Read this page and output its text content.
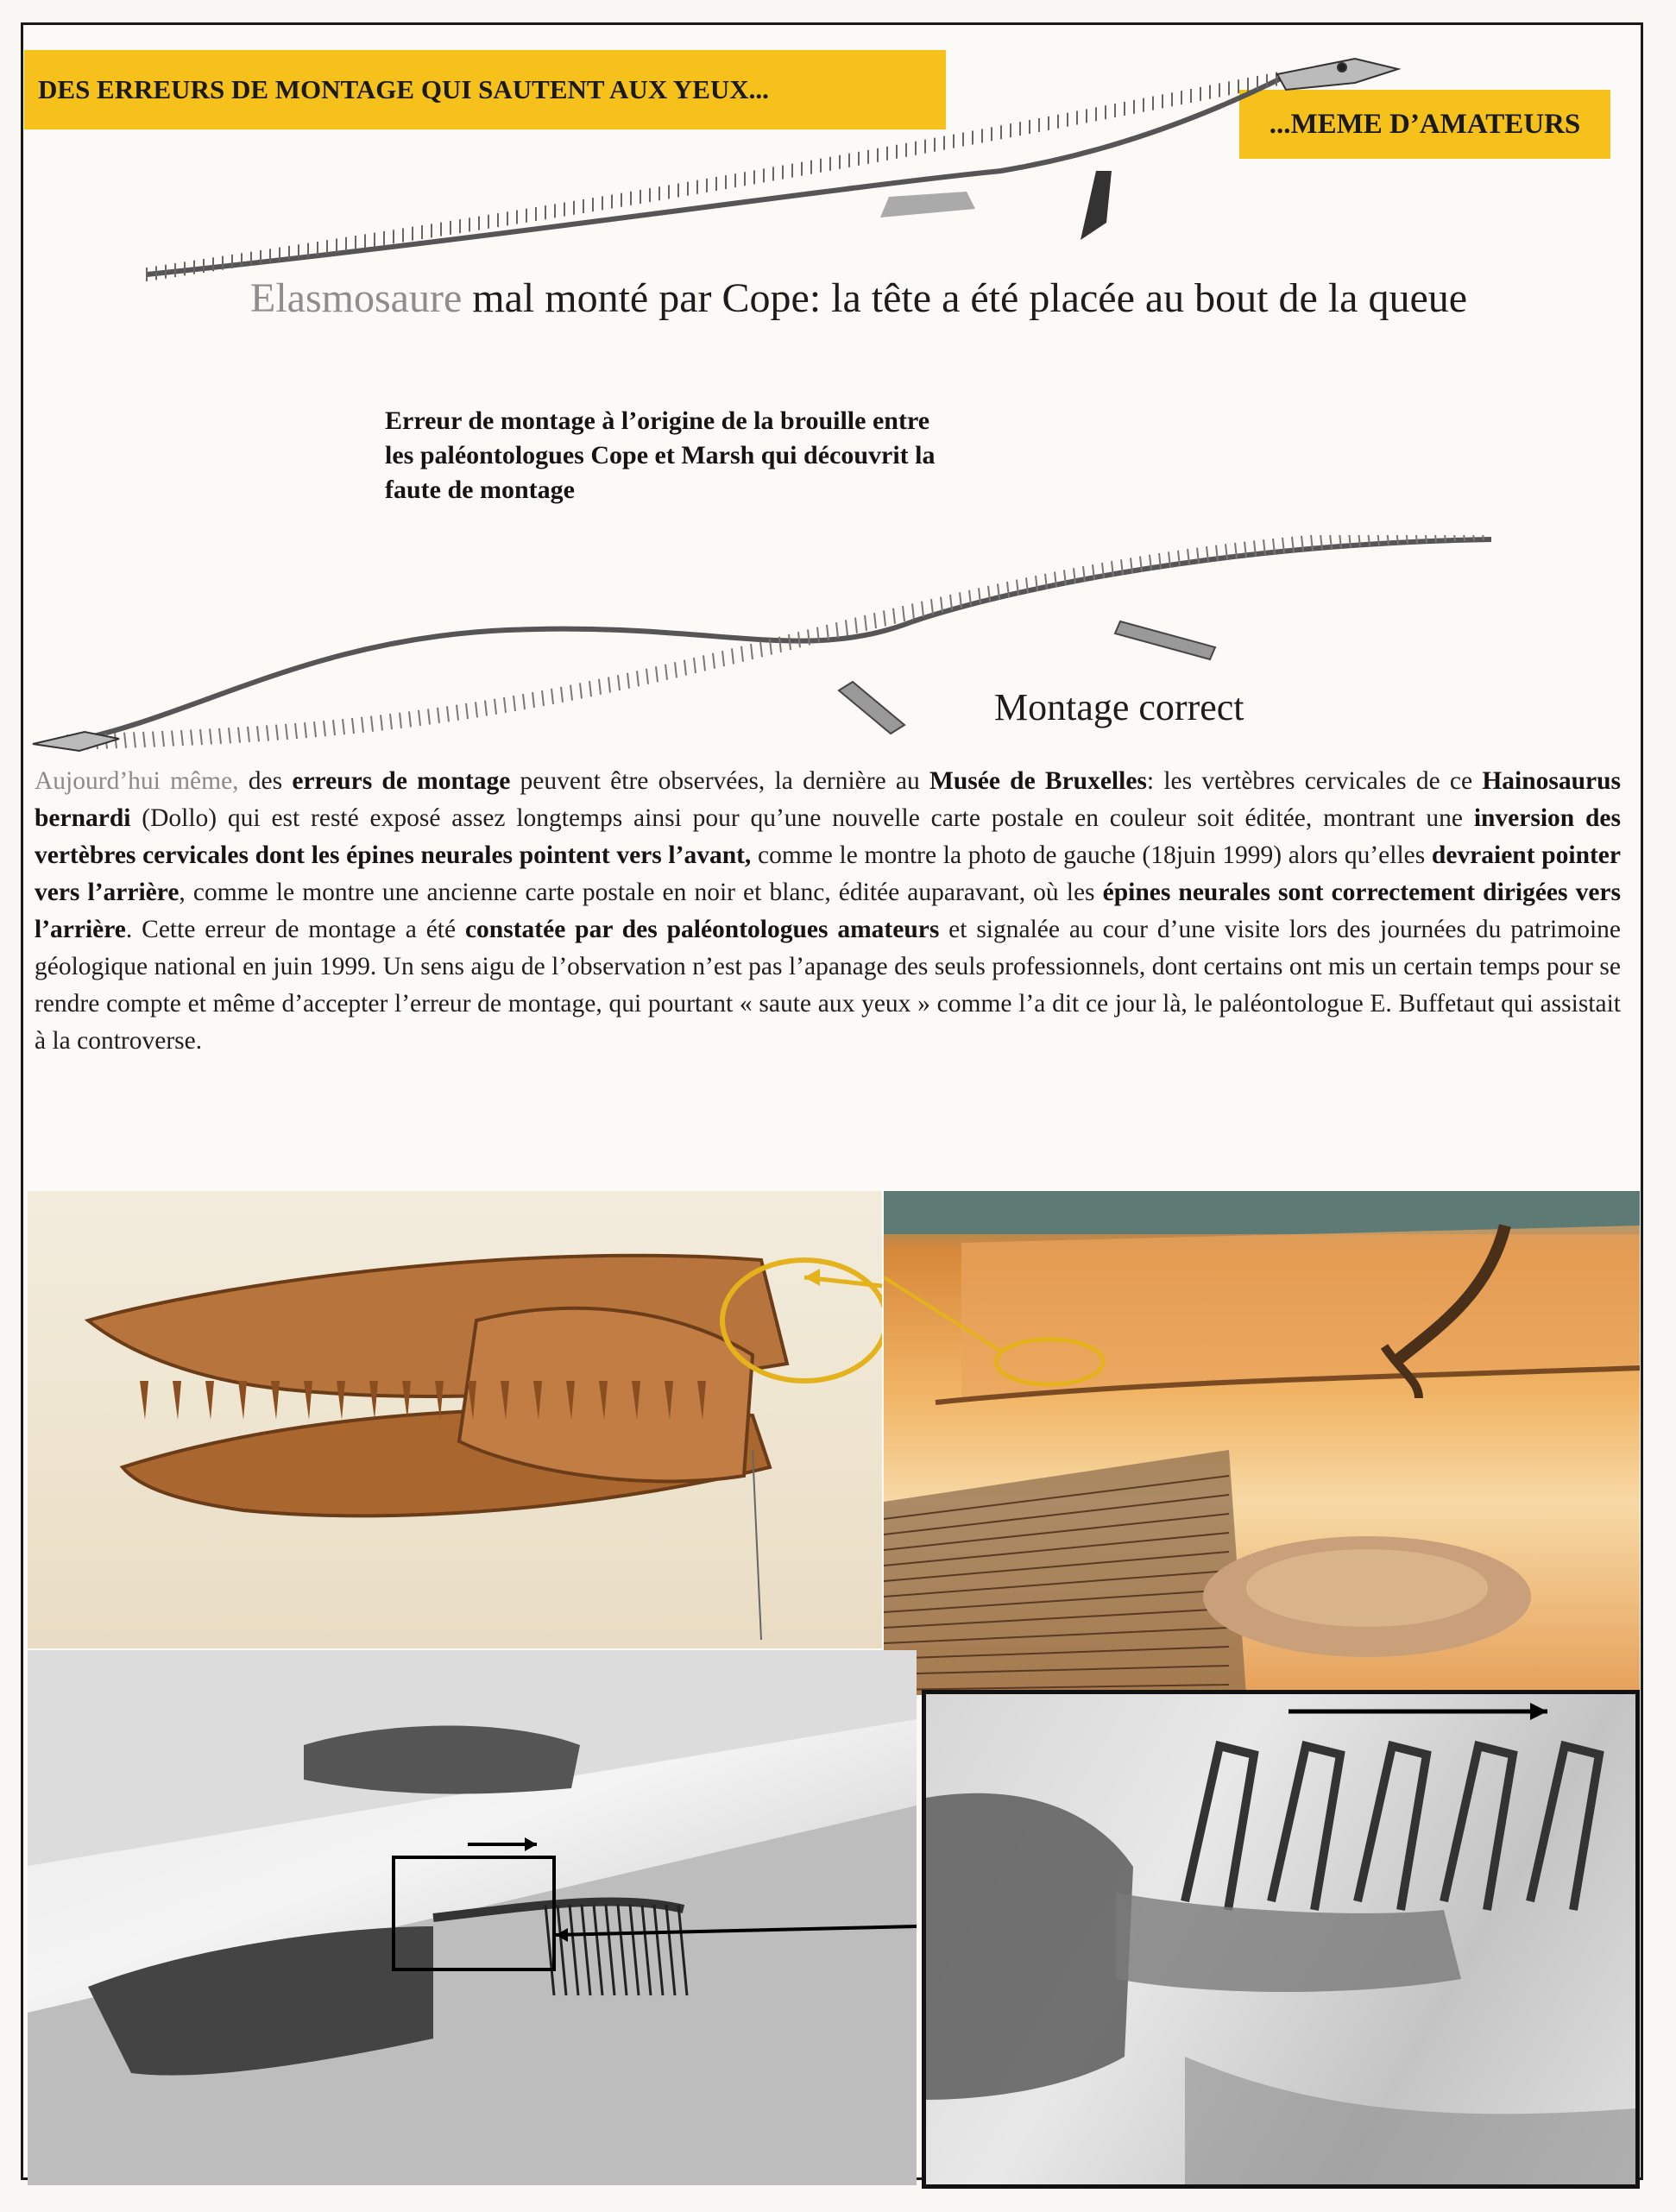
DES ERREURS DE MONTAGE QUI SAUTENT AUX YEUX...
...MEME D’AMATEURS
Elasmosaure mal monté par Cope: la tête a été placée au bout de la queue
Erreur de montage à l’origine de la brouille entre
les paléontologues Cope et Marsh qui découvrit la
faute de montage
Montage correct
Aujourd’hui même, des erreurs de montage peuvent être observées, la dernière au Musée de Bruxelles: les vertèbres cervicales de ce Hainosaurus bernardi (Dollo) qui est resté exposé assez longtemps ainsi pour qu’une nouvelle carte postale en couleur soit éditée, montrant une inversion des vertèbres cervicales dont les épines neurales pointent vers l’avant, comme le montre la photo de gauche (18juin 1999) alors qu’elles devraient pointer vers l’arrière, comme le montre une ancienne carte postale en noir et blanc, éditée auparavant, où les épines neurales sont correctement dirigées vers l’arrière. Cette erreur de montage a été constatée par des paléontologues amateurs et signalée au cour d’une visite lors des journées du patrimoine géologique national en juin 1999. Un sens aigu de l’observation n’est pas l’apanage des seuls professionnels, dont certains ont mis un certain temps pour se rendre compte et même d’accepter l’erreur de montage, qui pourtant « saute aux yeux » comme l’a dit ce jour là, le paléontologue E. Buffetaut qui assistait à la controverse.
